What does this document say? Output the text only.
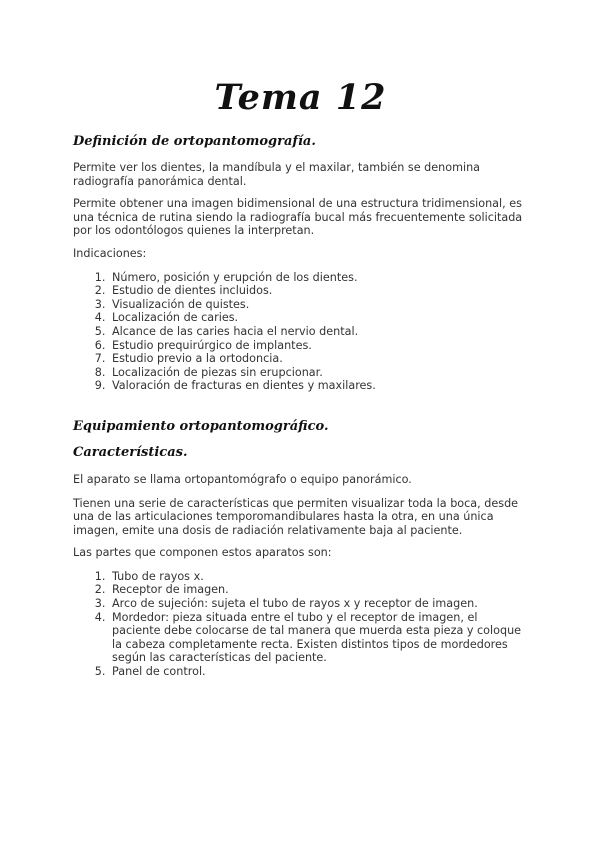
Tema 12
Definición de ortopantomografía.

Permite ver los dientes, la mandíbula y el maxilar, también se denomina radiografía panorámica dental.

Permite obtener una imagen bidimensional de una estructura tridimensional, es una técnica de rutina siendo la radiografía bucal más frecuentemente solicitada por los odontólogos quienes la interpretan.

Indicaciones:

1. Número, posición y erupción de los dientes.
2. Estudio de dientes incluidos.
3. Visualización de quistes.
4. Localización de caries.
5. Alcance de las caries hacia el nervio dental.
6. Estudio prequirúrgico de implantes.
7. Estudio previo a la ortodoncia.
8. Localización de piezas sin erupcionar.
9. Valoración de fracturas en dientes y maxilares.
Equipamiento ortopantomográfico.
Características.

El aparato se llama ortopantomógrafo o equipo panorámico.

Tienen una serie de características que permiten visualizar toda la boca, desde una de las articulaciones temporomandibulares hasta la otra, en una única imagen, emite una dosis de radiación relativamente baja al paciente.

Las partes que componen estos aparatos son:

1. Tubo de rayos x.
2. Receptor de imagen.
3. Arco de sujeción: sujeta el tubo de rayos x y receptor de imagen.
4. Mordedor: pieza situada entre el tubo y el receptor de imagen, el paciente debe colocarse de tal manera que muerda esta pieza y coloque la cabeza completamente recta. Existen distintos tipos de mordedores según las características del paciente.
5. Panel de control.
